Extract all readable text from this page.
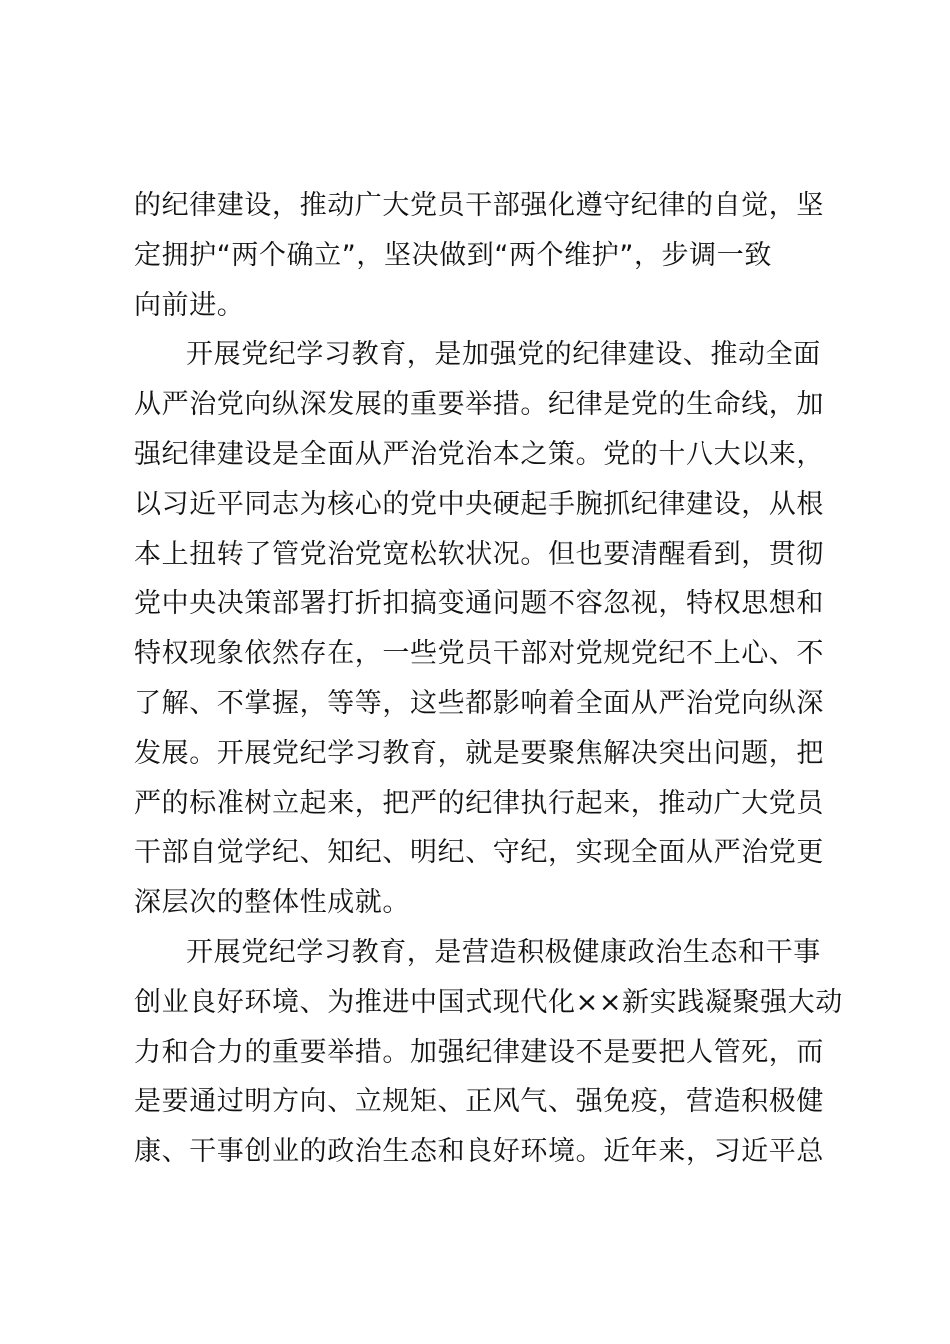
的纪律建设，推动广大党员干部强化遵守纪律的自觉，坚
定拥护“两个确立”，坚决做到“两个维护”，步调一致
向前进。
开展党纪学习教育，是加强党的纪律建设、推动全面
从严治党向纵深发展的重要举措。纪律是党的生命线，加
强纪律建设是全面从严治党治本之策。党的十八大以来，
以习近平同志为核心的党中央硬起手腕抓纪律建设，从根
本上扭转了管党治党宽松软状况。但也要清醒看到，贯彻
党中央决策部署打折扣搞变通问题不容忽视，特权思想和
特权现象依然存在，一些党员干部对党规党纪不上心、不
了解、不掌握，等等，这些都影响着全面从严治党向纵深
发展。开展党纪学习教育，就是要聚焦解决突出问题，把
严的标准树立起来，把严的纪律执行起来，推动广大党员
干部自觉学纪、知纪、明纪、守纪，实现全面从严治党更
深层次的整体性成就。
开展党纪学习教育，是营造积极健康政治生态和干事
创业良好环境、为推进中国式现代化××新实践凝聚强大动
力和合力的重要举措。加强纪律建设不是要把人管死，而
是要通过明方向、立规矩、正风气、强免疫，营造积极健
康、干事创业的政治生态和良好环境。近年来，习近平总
